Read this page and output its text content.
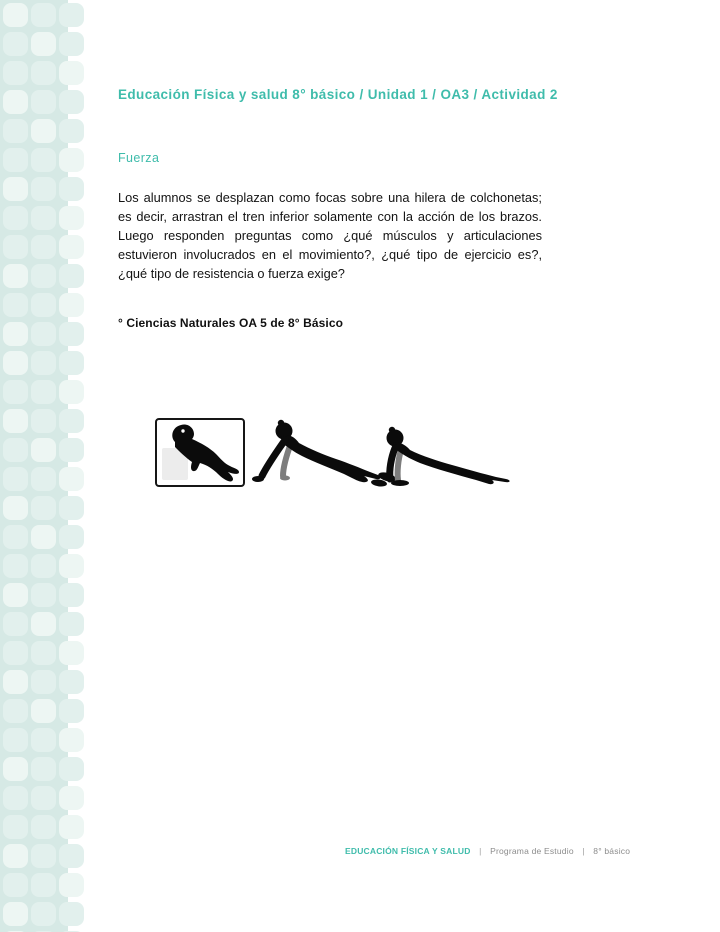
Educación Física y salud 8° básico / Unidad 1 / OA3 / Actividad 2
Fuerza

Los alumnos se desplazan como focas sobre una hilera de colchonetas; es decir, arrastran el tren inferior solamente con la acción de los brazos. Luego responden preguntas como ¿qué músculos y articulaciones estuvieron involucrados en el movimiento?, ¿qué tipo de ejercicio es?, ¿qué tipo de resistencia o fuerza exige?

° Ciencias Naturales OA 5 de 8° Básico
EDUCACIÓN FÍSICA Y SALUD | Programa de Estudio | 8° básico
